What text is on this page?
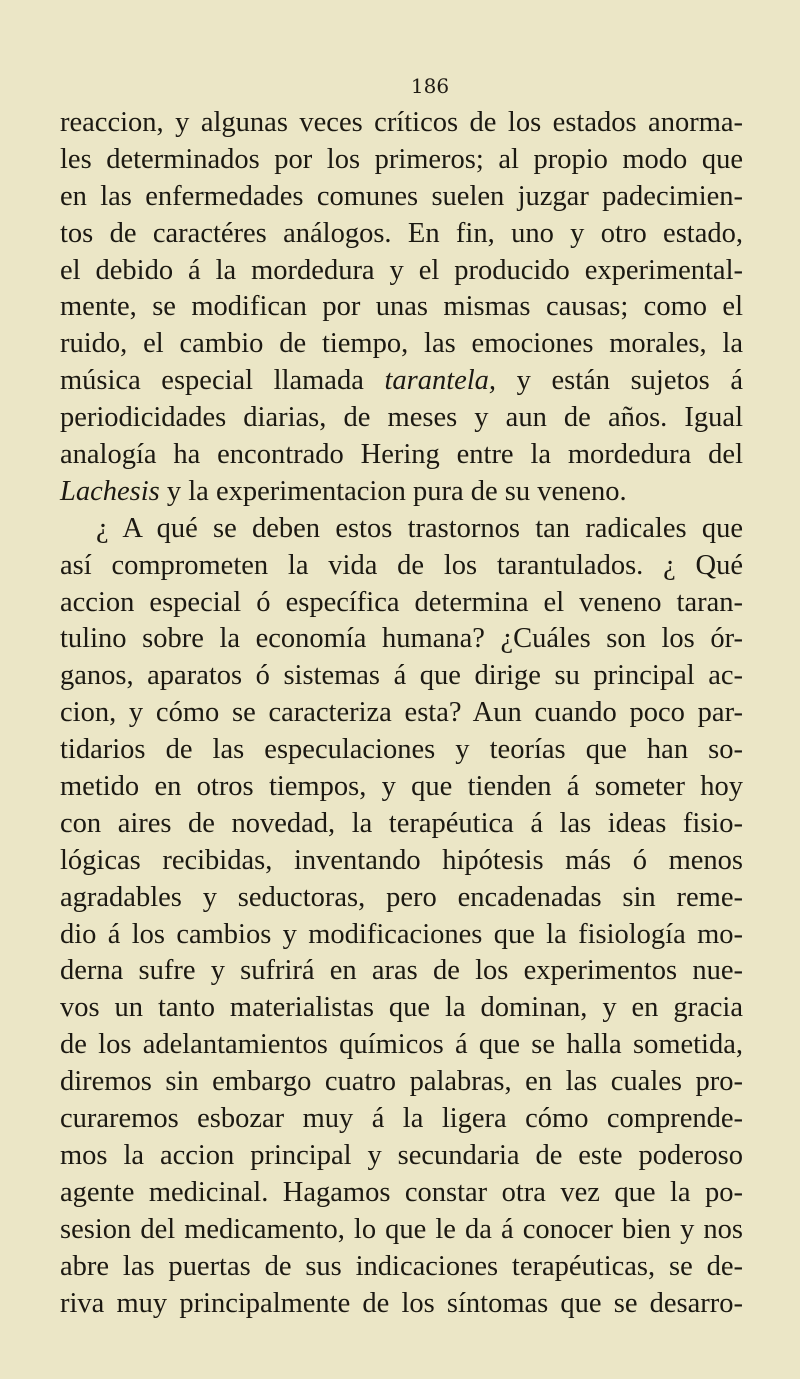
186
reaccion, y algunas veces críticos de los estados anorma-
les determinados por los primeros; al propio modo que
en las enfermedades comunes suelen juzgar padecimien-
tos de caractéres análogos. En fin, uno y otro estado,
el debido á la mordedura y el producido experimental-
mente, se modifican por unas mismas causas; como el
ruido, el cambio de tiempo, las emociones morales, la
música especial llamada tarantela, y están sujetos á
periodicidades diarias, de meses y aun de años. Igual
analogía ha encontrado Hering entre la mordedura del
Lachesis y la experimentacion pura de su veneno.
¿ A qué se deben estos trastornos tan radicales que
así comprometen la vida de los tarantulados. ¿ Qué
accion especial ó específica determina el veneno taran-
tulino sobre la economía humana? ¿Cuáles son los ór-
ganos, aparatos ó sistemas á que dirige su principal ac-
cion, y cómo se caracteriza esta? Aun cuando poco par-
tidarios de las especulaciones y teorías que han so-
metido en otros tiempos, y que tienden á someter hoy
con aires de novedad, la terapéutica á las ideas fisio-
lógicas recibidas, inventando hipótesis más ó menos
agradables y seductoras, pero encadenadas sin reme-
dio á los cambios y modificaciones que la fisiología mo-
derna sufre y sufrirá en aras de los experimentos nue-
vos un tanto materialistas que la dominan, y en gracia
de los adelantamientos químicos á que se halla sometida,
diremos sin embargo cuatro palabras, en las cuales pro-
curaremos esbozar muy á la ligera cómo comprende-
mos la accion principal y secundaria de este poderoso
agente medicinal. Hagamos constar otra vez que la po-
sesion del medicamento, lo que le da á conocer bien y nos
abre las puertas de sus indicaciones terapéuticas, se de-
riva muy principalmente de los síntomas que se desarro-
